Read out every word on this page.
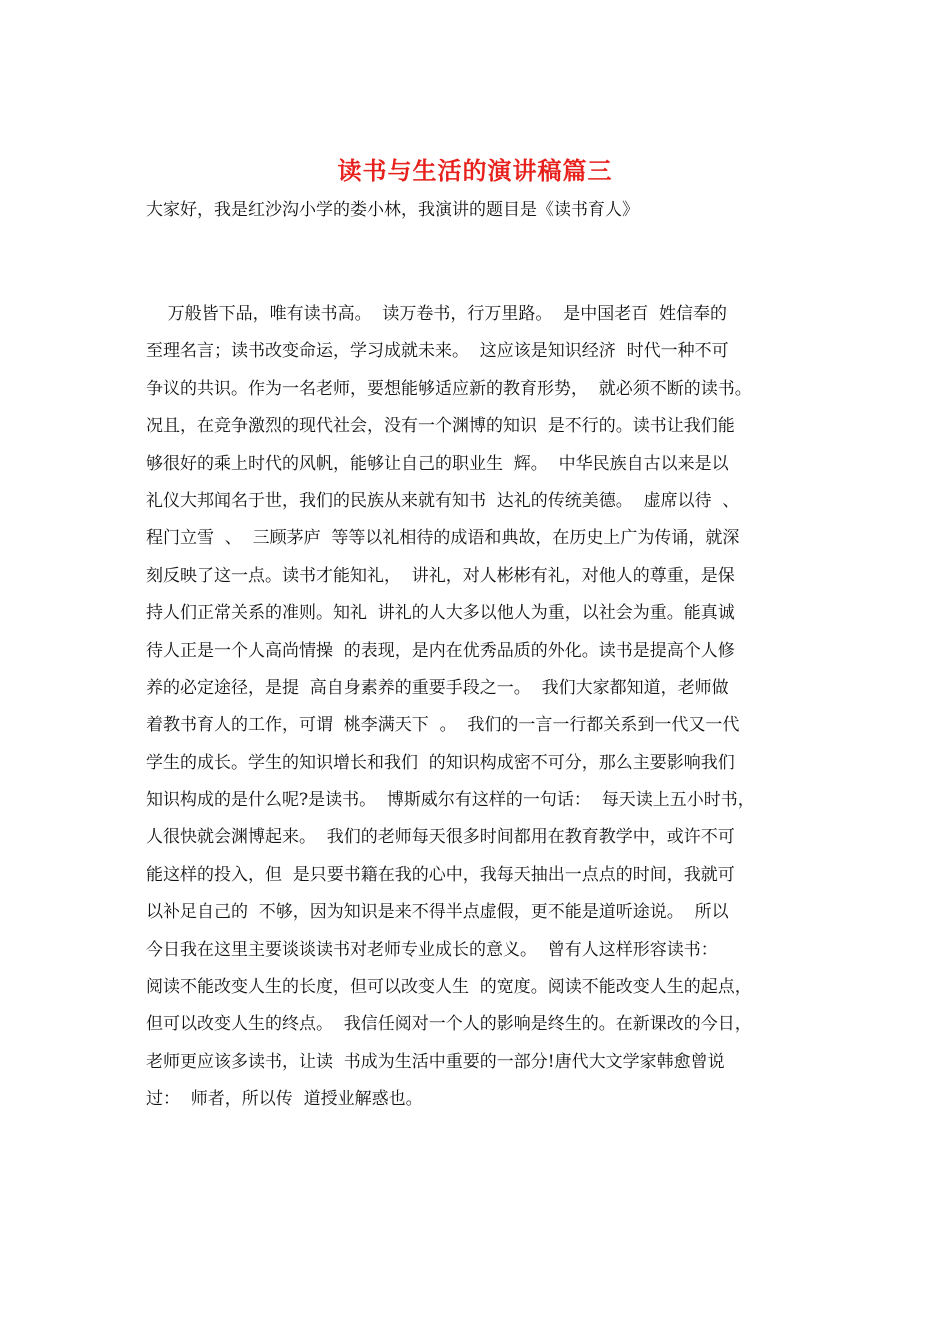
读书与生活的演讲稿篇三
大家好，我是红沙沟小学的娄小林，我演讲的题目是《读书育人》
万般皆下品，唯有读书高。  读万卷书，行万里路。  是中国老百  姓信奉的
至理名言；读书改变命运，学习成就未来。  这应该是知识经济  时代一种不可
争议的共识。作为一名老师，要想能够适应新的教育形势，  就必须不断的读书。
况且，在竞争激烈的现代社会，没有一个渊博的知识  是不行的。读书让我们能
够很好的乘上时代的风帆，能够让自己的职业生  辉。  中华民族自古以来是以
礼仪大邦闻名于世，我们的民族从来就有知书  达礼的传统美德。  虚席以待  、
程门立雪  、  三顾茅庐  等等以礼相待的成语和典故，在历史上广为传诵，就深
刻反映了这一点。读书才能知礼，  讲礼，对人彬彬有礼，对他人的尊重，是保
持人们正常关系的准则。知礼  讲礼的人大多以他人为重，以社会为重。能真诚
待人正是一个人高尚情操  的表现，是内在优秀品质的外化。读书是提高个人修
养的必定途径，是提  高自身素养的重要手段之一。  我们大家都知道，老师做
着教书育人的工作，可谓  桃李满天下  。  我们的一言一行都关系到一代又一代
学生的成长。学生的知识增长和我们  的知识构成密不可分，那么主要影响我们
知识构成的是什么呢?是读书。  博斯威尔有这样的一句话：  每天读上五小时书，
人很快就会渊博起来。  我们的老师每天很多时间都用在教育教学中，或许不可
能这样的投入，但  是只要书籍在我的心中，我每天抽出一点点的时间，我就可
以补足自己的  不够，因为知识是来不得半点虚假，更不能是道听途说。  所以
今日我在这里主要谈谈读书对老师专业成长的意义。  曾有人这样形容读书：
阅读不能改变人生的长度，但可以改变人生  的宽度。阅读不能改变人生的起点，
但可以改变人生的终点。  我信任阅对一个人的影响是终生的。在新课改的今日，
老师更应该多读书，让读  书成为生活中重要的一部分!唐代大文学家韩愈曾说
过：  师者，所以传  道授业解惑也。
